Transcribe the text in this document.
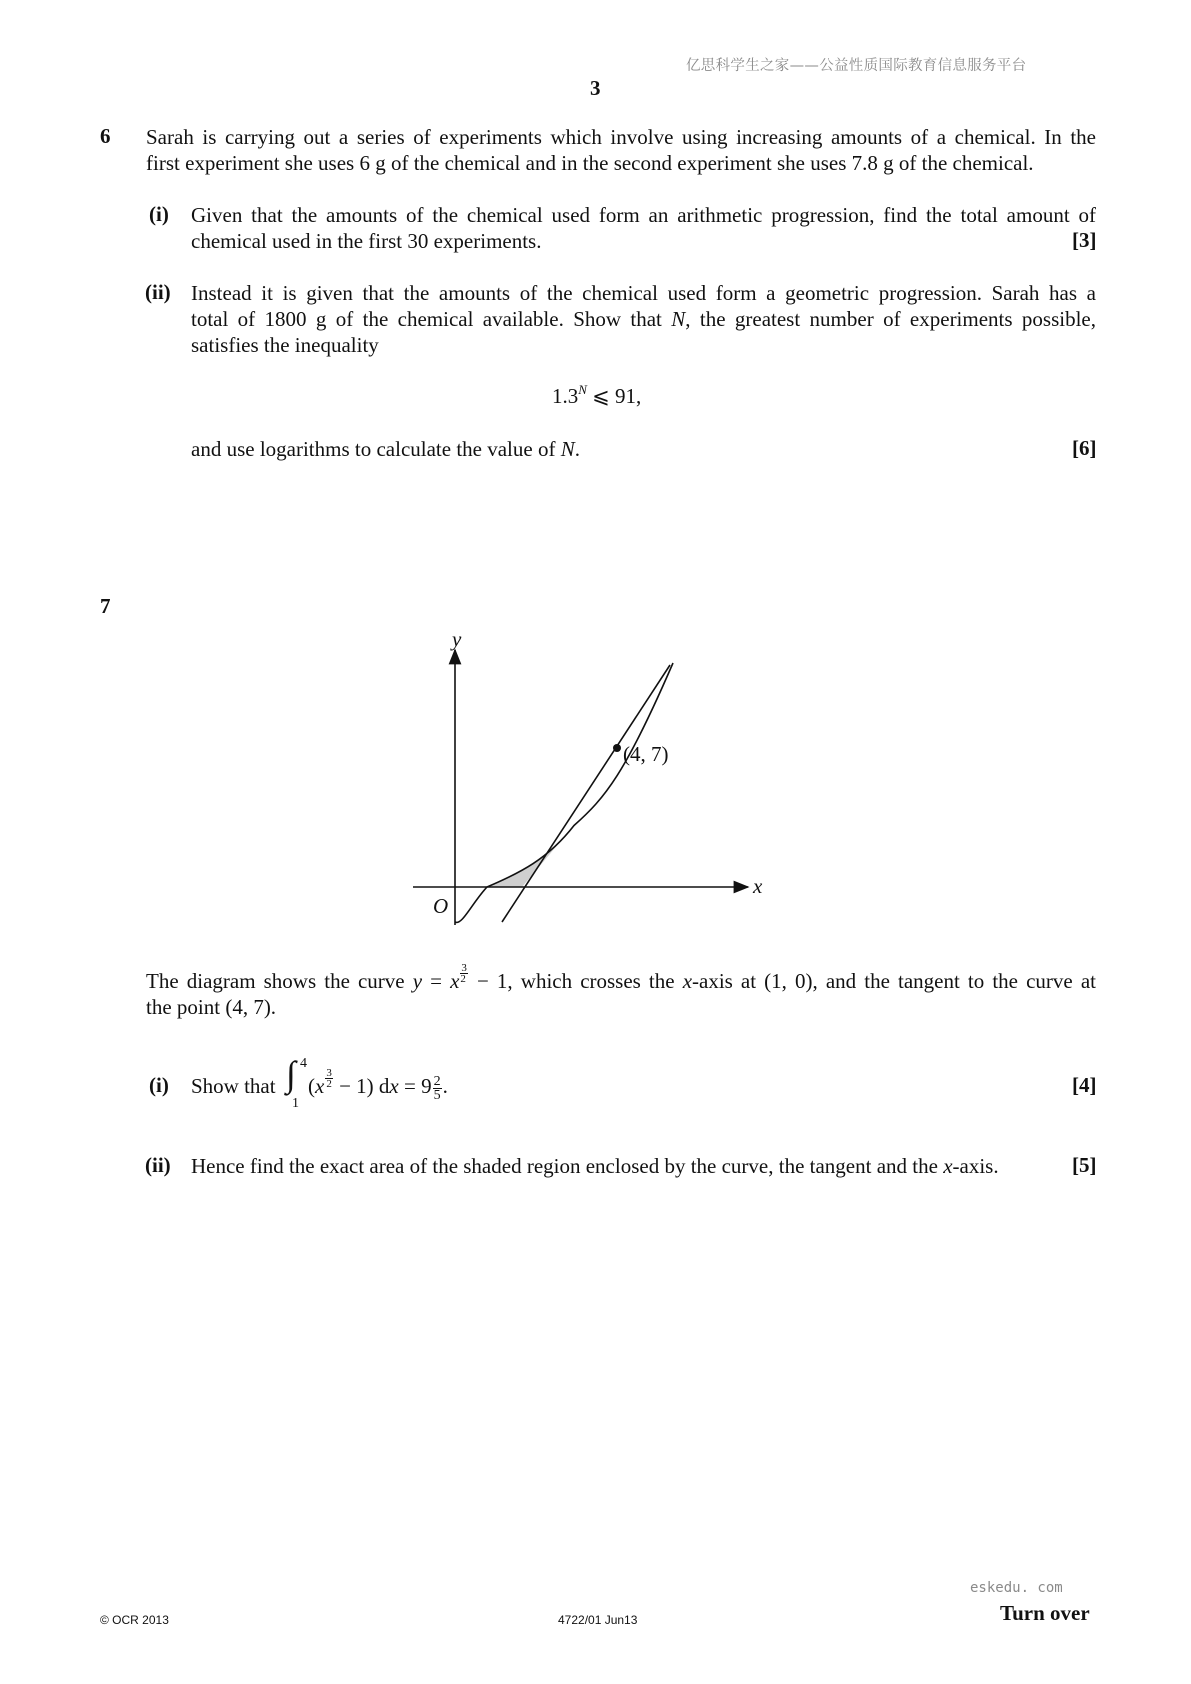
亿思科学生之家——公益性质国际教育信息服务平台
3
6 Sarah is carrying out a series of experiments which involve using increasing amounts of a chemical. In the
first experiment she uses 6 g of the chemical and in the second experiment she uses 7.8 g of the chemical.
(i) Given that the amounts of the chemical used form an arithmetic progression, find the total amount of
chemical used in the first 30 experiments.	[3]
(ii) Instead it is given that the amounts of the chemical used form a geometric progression. Sarah has a
total of 1800 g of the chemical available. Show that N, the greatest number of experiments possible,
satisfies the inequality
$1.3^N$ ⩽ 91,
and use logarithms to calculate the value of N.	[6]
7
y
x
O
(4, 7)
The diagram shows the curve y = x $\frac{3}{2} - 1$, which crosses the x-axis at (1, 0), and the tangent to the curve at
the point (4, 7).
(i) Show that ∫ 4
1
$(x \frac{3}{2} - 1)$ dx = $9 \frac{2}{5}$ .	[4]
(ii) Hence find the exact area of the shaded region enclosed by the curve, the tangent and the x-axis.	[5]
eskedu. com
© OCR 2013	4722/01 Jun13	Turn over
